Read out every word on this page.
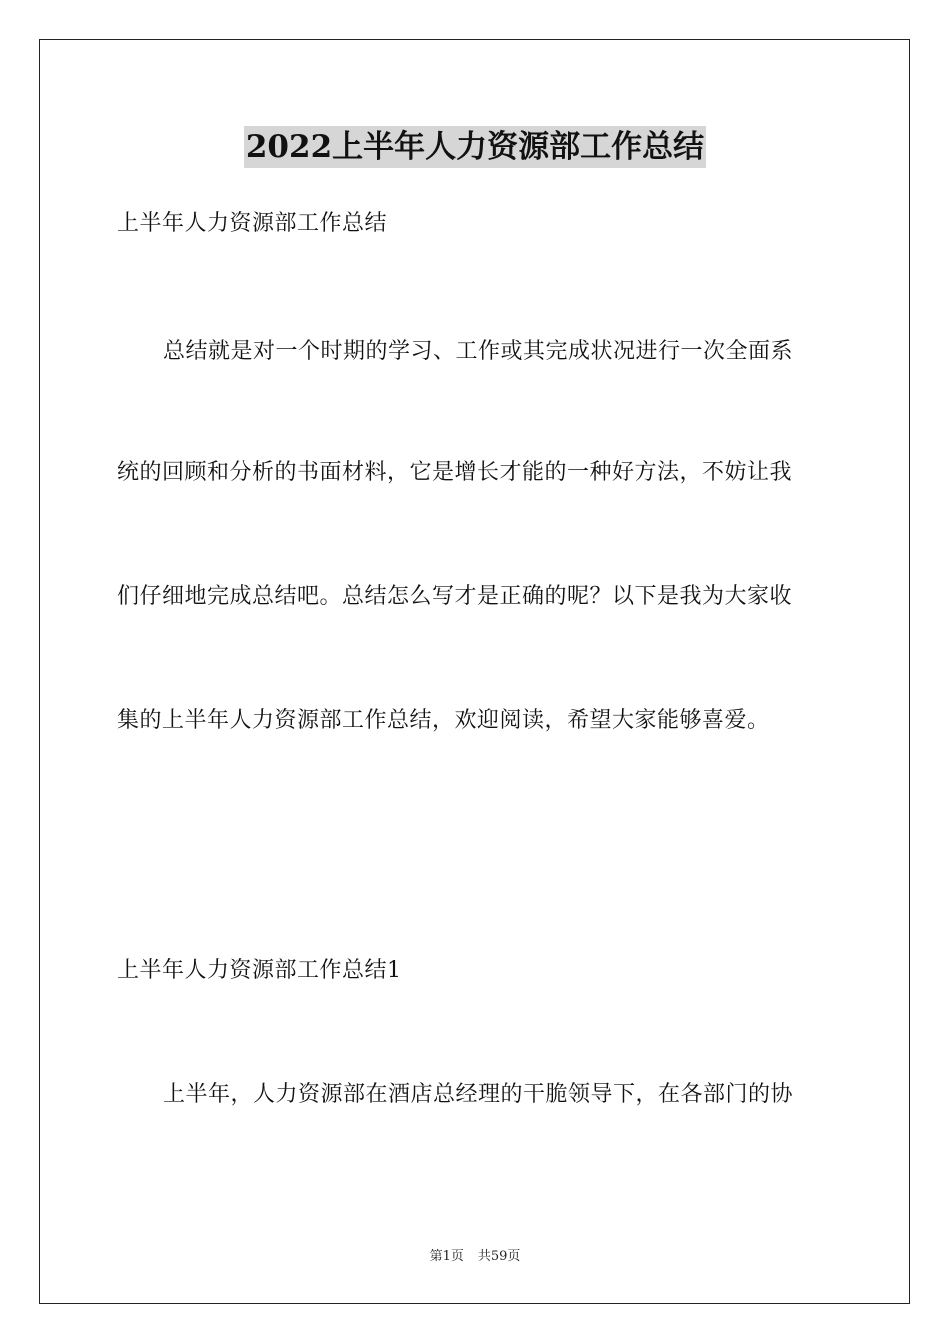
2022上半年人力资源部工作总结
上半年人力资源部工作总结
总结就是对一个时期的学习、工作或其完成状况进行一次全面系
统的回顾和分析的书面材料，它是增长才能的一种好方法，不妨让我
们仔细地完成总结吧。总结怎么写才是正确的呢？以下是我为大家收
集的上半年人力资源部工作总结，欢迎阅读，希望大家能够喜爱。
上半年人力资源部工作总结1
上半年，人力资源部在酒店总经理的干脆领导下，在各部门的协
第1页 共59页
